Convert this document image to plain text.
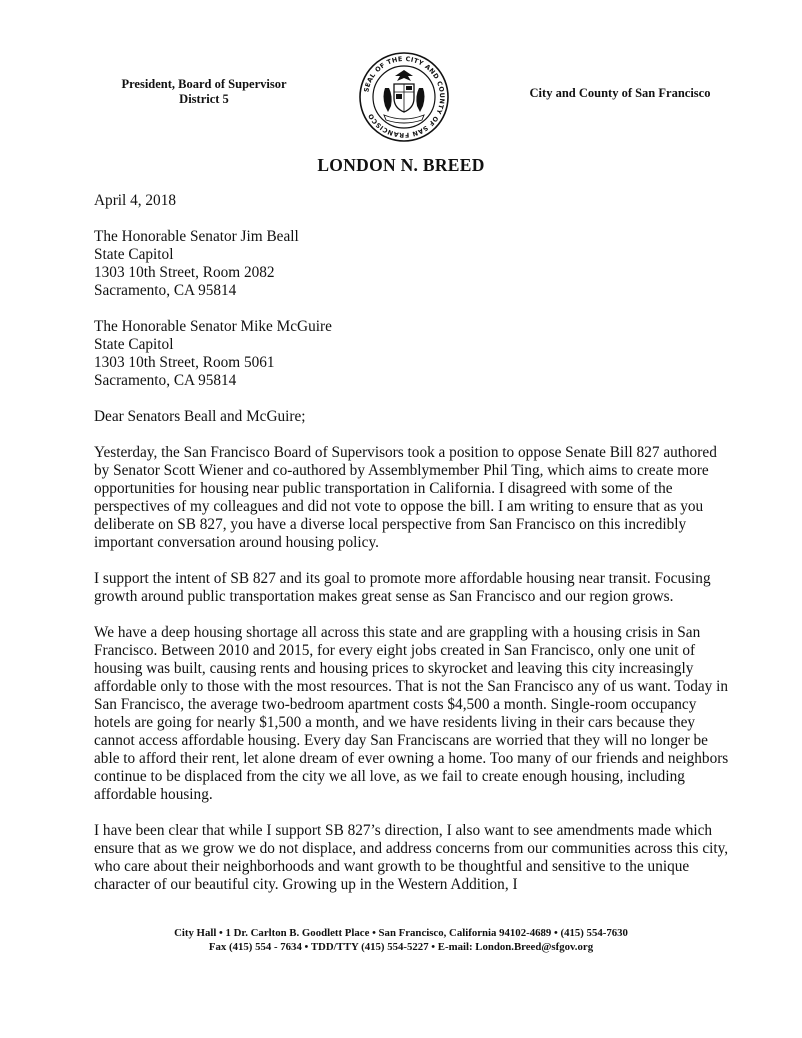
President, Board of Supervisor
District 5
SEAL OF THE CITY AND COUNTY OF SAN FRANCISCO
City and County of San Francisco
LONDON N. BREED

April 4, 2018

The Honorable Senator Jim Beall
State Capitol
1303 10th Street, Room 2082
Sacramento, CA 95814
The Honorable Senator Mike McGuire
State Capitol
1303 10th Street, Room 5061
Sacramento, CA 95814

Dear Senators Beall and McGuire;

Yesterday, the San Francisco Board of Supervisors took a position to oppose Senate Bill 827 authored by Senator Scott Wiener and co-authored by Assemblymember Phil Ting, which aims to create more opportunities for housing near public transportation in California. I disagreed with some of the perspectives of my colleagues and did not vote to oppose the bill. I am writing to ensure that as you deliberate on SB 827, you have a diverse local perspective from San Francisco on this incredibly important conversation around housing policy.

I support the intent of SB 827 and its goal to promote more affordable housing near transit. Focusing growth around public transportation makes great sense as San Francisco and our region grows.

We have a deep housing shortage all across this state and are grappling with a housing crisis in San Francisco. Between 2010 and 2015, for every eight jobs created in San Francisco, only one unit of housing was built, causing rents and housing prices to skyrocket and leaving this city increasingly affordable only to those with the most resources. That is not the San Francisco any of us want. Today in San Francisco, the average two-bedroom apartment costs $4,500 a month. Single-room occupancy hotels are going for nearly $1,500 a month, and we have residents living in their cars because they cannot access affordable housing. Every day San Franciscans are worried that they will no longer be able to afford their rent, let alone dream of ever owning a home. Too many of our friends and neighbors continue to be displaced from the city we all love, as we fail to create enough housing, including affordable housing.

I have been clear that while I support SB 827’s direction, I also want to see amendments made which ensure that as we grow we do not displace, and address concerns from our communities across this city, who care about their neighborhoods and want growth to be thoughtful and sensitive to the unique character of our beautiful city. Growing up in the Western Addition, I

City Hall • 1 Dr. Carlton B. Goodlett Place • San Francisco, California 94102-4689 • (415) 554-7630
Fax (415) 554 - 7634 • TDD/TTY (415) 554-5227 • E-mail: London.Breed@sfgov.org
